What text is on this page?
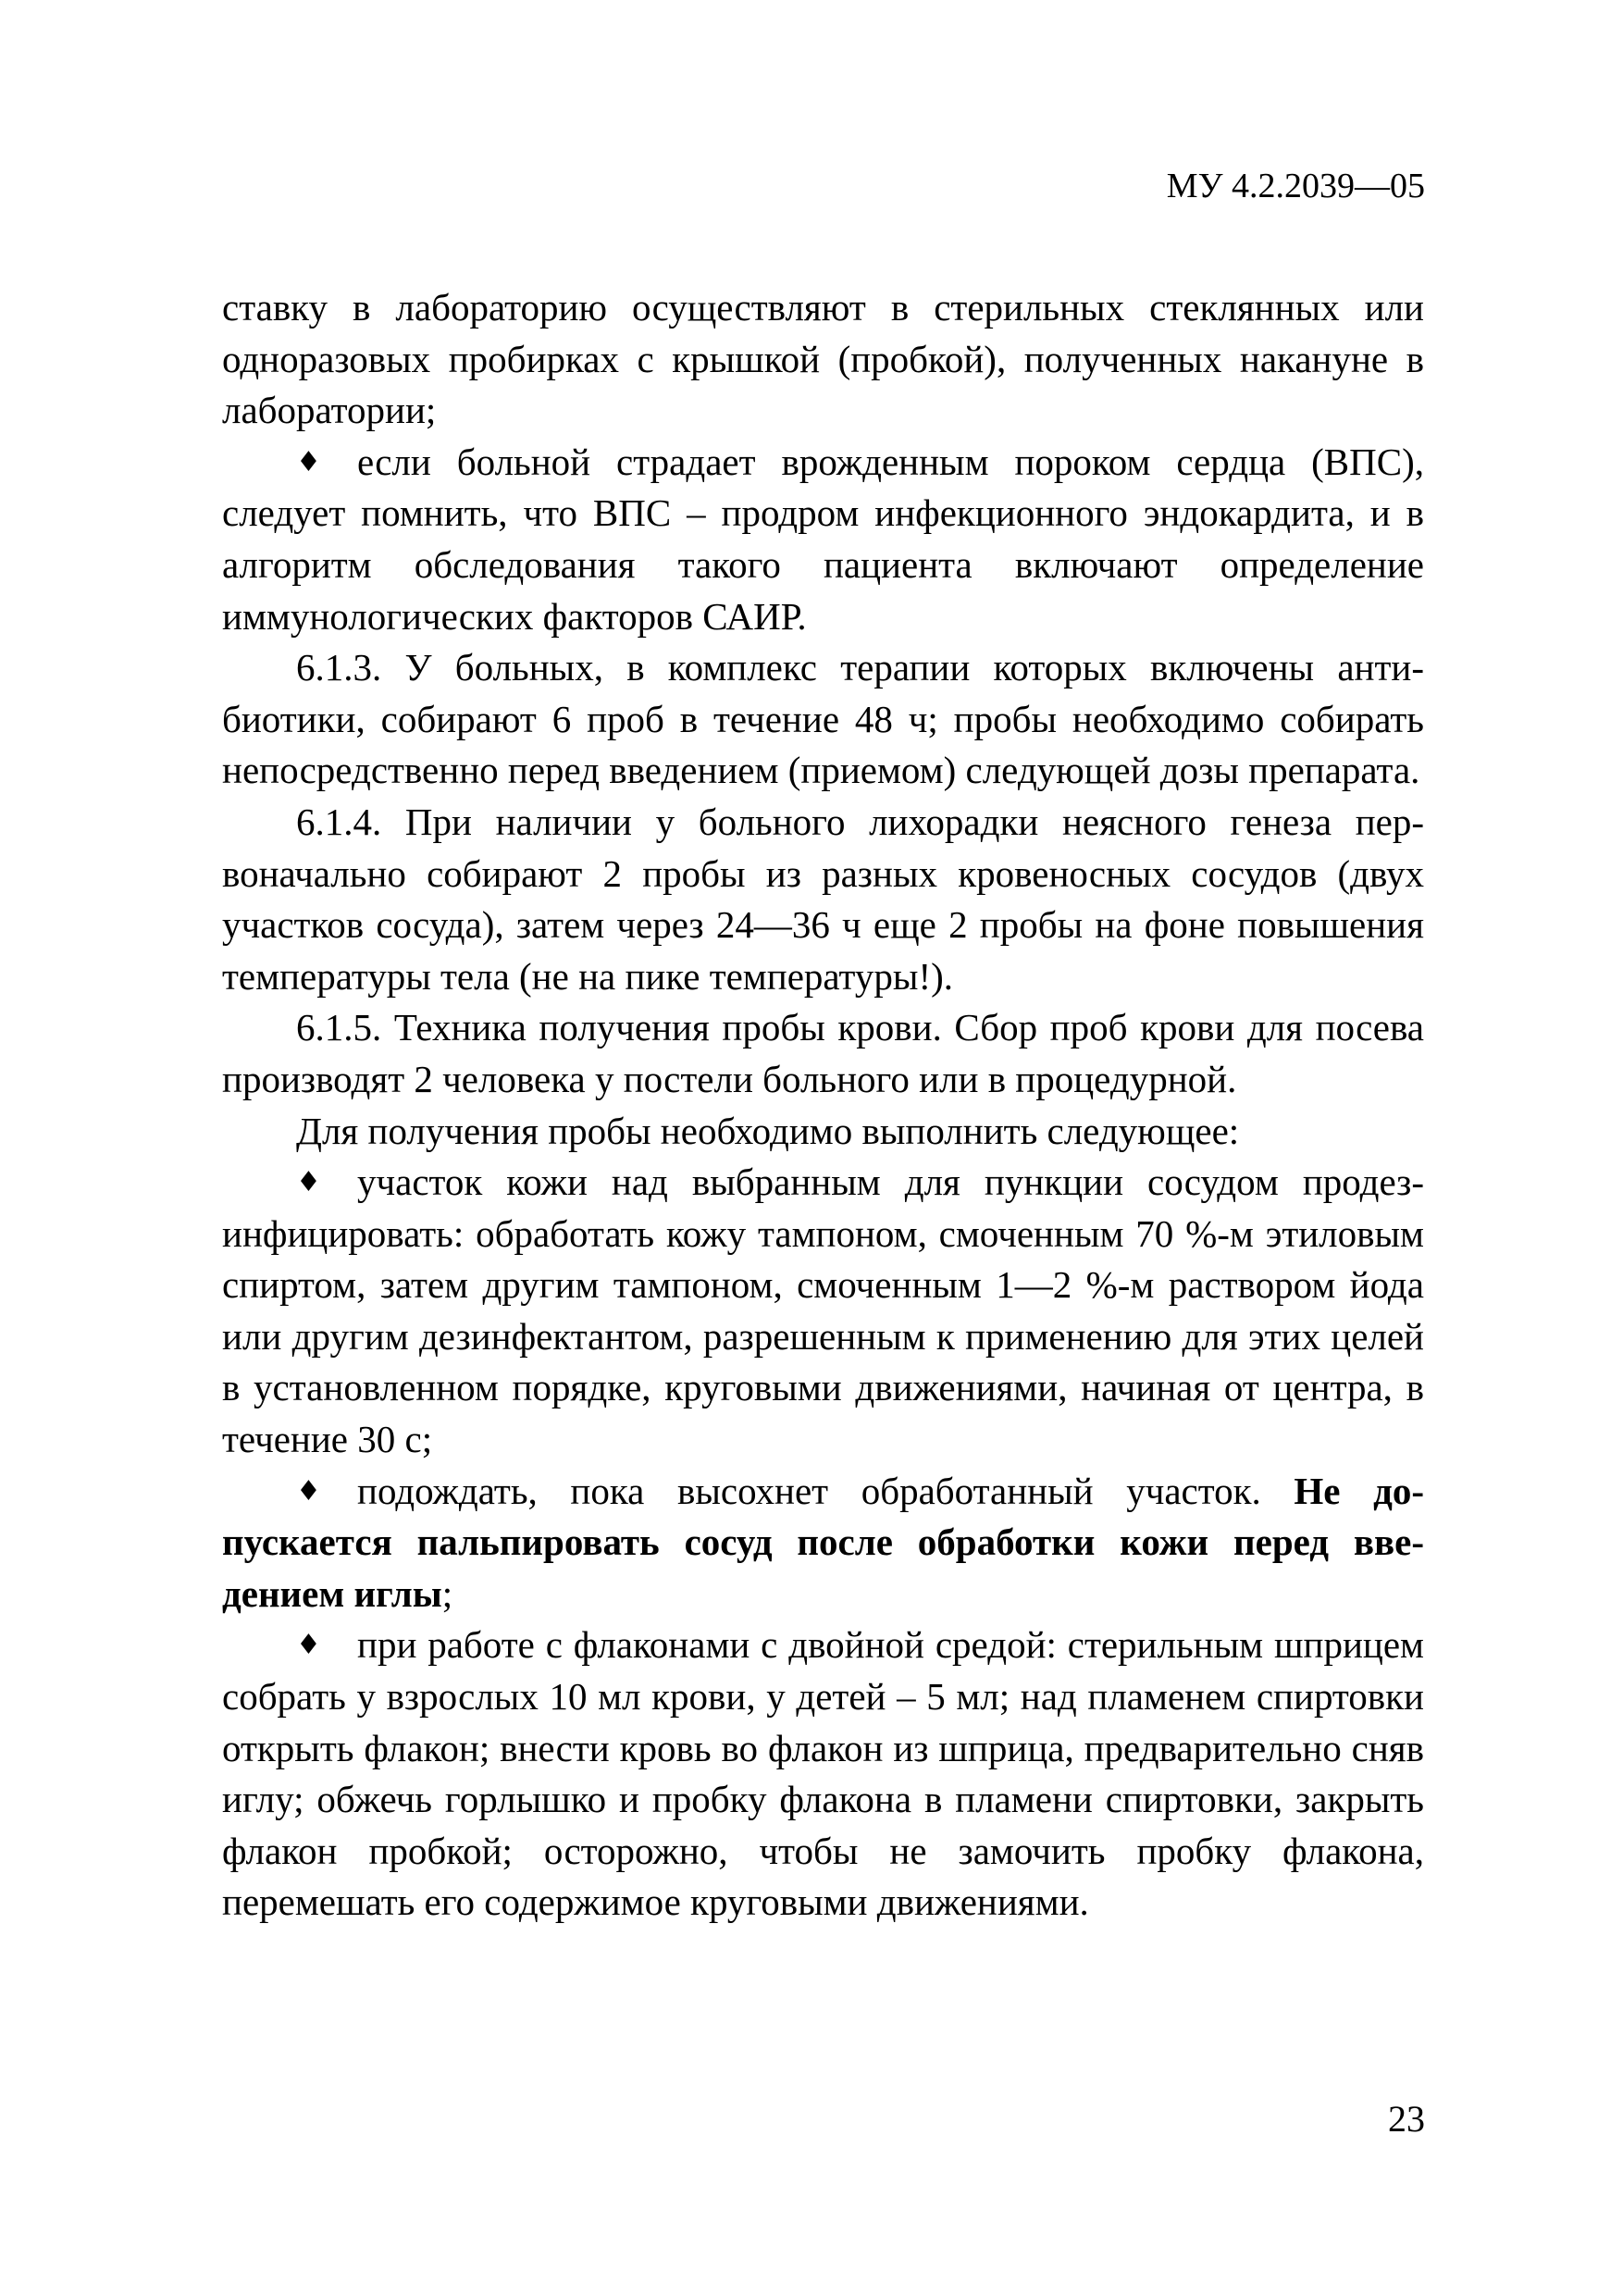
МУ 4.2.2039—05

ставку в лабораторию осуществляют в стерильных стеклянных или одноразовых пробирках с крышкой (пробкой), полученных накануне в лаборатории;

♦ если больной страдает врожденным пороком сердца (ВПС), следует помнить, что ВПС – продром инфекционного эндокардита, и в алгоритм обследования такого пациента включают определение иммунологических факторов САИР.

6.1.3. У больных, в комплекс терапии которых включены антибиотики, собирают 6 проб в течение 48 ч; пробы необходимо собирать непосредственно перед введением (приемом) следующей дозы препарата.

6.1.4. При наличии у больного лихорадки неясного генеза первоначально собирают 2 пробы из разных кровеносных сосудов (двух участков сосуда), затем через 24—36 ч еще 2 пробы на фоне повышения температуры тела (не на пике температуры!).

6.1.5. Техника получения пробы крови. Сбор проб крови для посева производят 2 человека у постели больного или в процедурной.

Для получения пробы необходимо выполнить следующее:

♦ участок кожи над выбранным для пункции сосудом продезинфицировать: обработать кожу тампоном, смоченным 70 %-м этиловым спиртом, затем другим тампоном, смоченным 1—2 %-м раствором йода или другим дезинфектантом, разрешенным к применению для этих целей в установленном порядке, круговыми движениями, начиная от центра, в течение 30 с;

♦ подождать, пока высохнет обработанный участок. Не допускается пальпировать сосуд после обработки кожи перед введением иглы;

♦ при работе с флаконами с двойной средой: стерильным шприцем собрать у взрослых 10 мл крови, у детей – 5 мл; над пламенем спиртовки открыть флакон; внести кровь во флакон из шприца, предварительно сняв иглу; обжечь горлышко и пробку флакона в пламени спиртовки, закрыть флакон пробкой; осторожно, чтобы не замочить пробку флакона, перемешать его содержимое круговыми движениями.

23
